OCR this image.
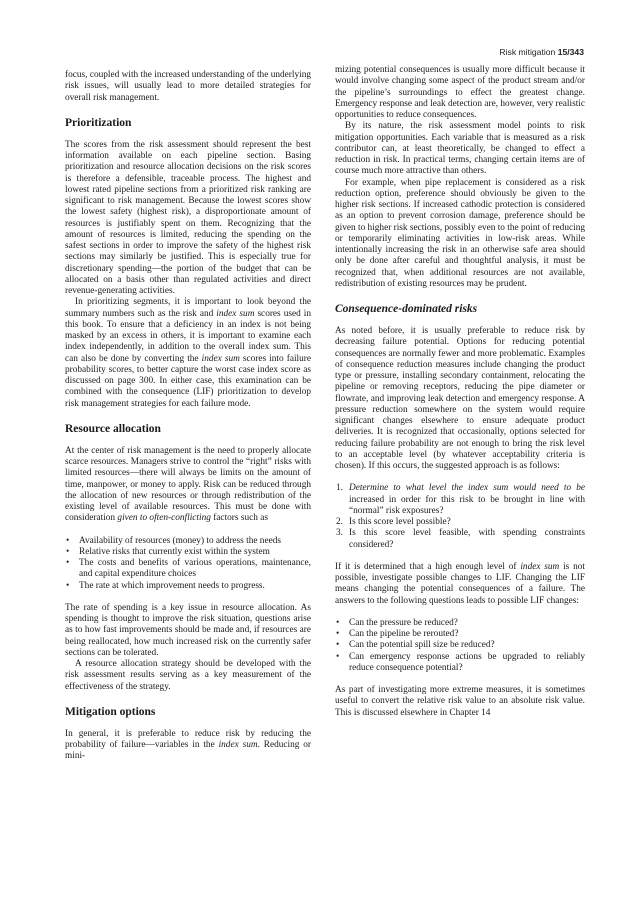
Risk mitigation 15/343

focus, coupled with the increased understanding of the underlying risk issues, will usually lead to more detailed strategies for overall risk management.

Prioritization

The scores from the risk assessment should represent the best information available on each pipeline section. Basing prioritization and resource allocation decisions on the risk scores is therefore a defensible, traceable process. The highest and lowest rated pipeline sections from a prioritized risk ranking are significant to risk management. Because the lowest scores show the lowest safety (highest risk), a disproportionate amount of resources is justifiably spent on them. Recognizing that the amount of resources is limited, reducing the spending on the safest sections in order to improve the safety of the highest risk sections may similarly be justified. This is especially true for discretionary spending—the portion of the budget that can be allocated on a basis other than regulated activities and direct revenue-generating activities.

In prioritizing segments, it is important to look beyond the summary numbers such as the risk and index sum scores used in this book. To ensure that a deficiency in an index is not being masked by an excess in others, it is important to examine each index independently, in addition to the overall index sum. This can also be done by converting the index sum scores into failure probability scores, to better capture the worst case index score as discussed on page 300. In either case, this examination can be combined with the consequence (LIF) prioritization to develop risk management strategies for each failure mode.

Resource allocation

At the center of risk management is the need to properly allocate scarce resources. Managers strive to control the “right” risks with limited resources—there will always be limits on the amount of time, manpower, or money to apply. Risk can be reduced through the allocation of new resources or through redistribution of the existing level of available resources. This must be done with consideration given to often-conflicting factors such as

• Availability of resources (money) to address the needs
• Relative risks that currently exist within the system
• The costs and benefits of various operations, maintenance, and capital expenditure choices
• The rate at which improvement needs to progress.

The rate of spending is a key issue in resource allocation. As spending is thought to improve the risk situation, questions arise as to how fast improvements should be made and, if resources are being reallocated, how much increased risk on the currently safer sections can be tolerated.

A resource allocation strategy should be developed with the risk assessment results serving as a key measurement of the effectiveness of the strategy.

Mitigation options

In general, it is preferable to reduce risk by reducing the probability of failure—variables in the index sum. Reducing or mini-

mizing potential consequences is usually more difficult because it would involve changing some aspect of the product stream and/or the pipeline’s surroundings to effect the greatest change. Emergency response and leak detection are, however, very realistic opportunities to reduce consequences.

By its nature, the risk assessment model points to risk mitigation opportunities. Each variable that is measured as a risk contributor can, at least theoretically, be changed to effect a reduction in risk. In practical terms, changing certain items are of course much more attractive than others.

For example, when pipe replacement is considered as a risk reduction option, preference should obviously be given to the higher risk sections. If increased cathodic protection is considered as an option to prevent corrosion damage, preference should be given to higher risk sections, possibly even to the point of reducing or temporarily eliminating activities in low-risk areas. While intentionally increasing the risk in an otherwise safe area should only be done after careful and thoughtful analysis, it must be recognized that, when additional resources are not available, redistribution of existing resources may be prudent.

Consequence-dominated risks

As noted before, it is usually preferable to reduce risk by decreasing failure potential. Options for reducing potential consequences are normally fewer and more problematic. Examples of consequence reduction measures include changing the product type or pressure, installing secondary containment, relocating the pipeline or removing receptors, reducing the pipe diameter or flowrate, and improving leak detection and emergency response. A pressure reduction somewhere on the system would require significant changes elsewhere to ensure adequate product deliveries. It is recognized that occasionally, options selected for reducing failure probability are not enough to bring the risk level to an acceptable level (by whatever acceptability criteria is chosen). If this occurs, the suggested approach is as follows:

1. Determine to what level the index sum would need to be increased in order for this risk to be brought in line with “normal” risk exposures?
2. Is this score level possible?
3. Is this score level feasible, with spending constraints considered?

If it is determined that a high enough level of index sum is not possible, investigate possible changes to LIF. Changing the LIF means changing the potential consequences of a failure. The answers to the following questions leads to possible LIF changes:

• Can the pressure be reduced?
• Can the pipeline be rerouted?
• Can the potential spill size be reduced?
• Can emergency response actions be upgraded to reliably reduce consequence potential?

As part of investigating more extreme measures, it is sometimes useful to convert the relative risk value to an absolute risk value. This is discussed elsewhere in Chapter 14
